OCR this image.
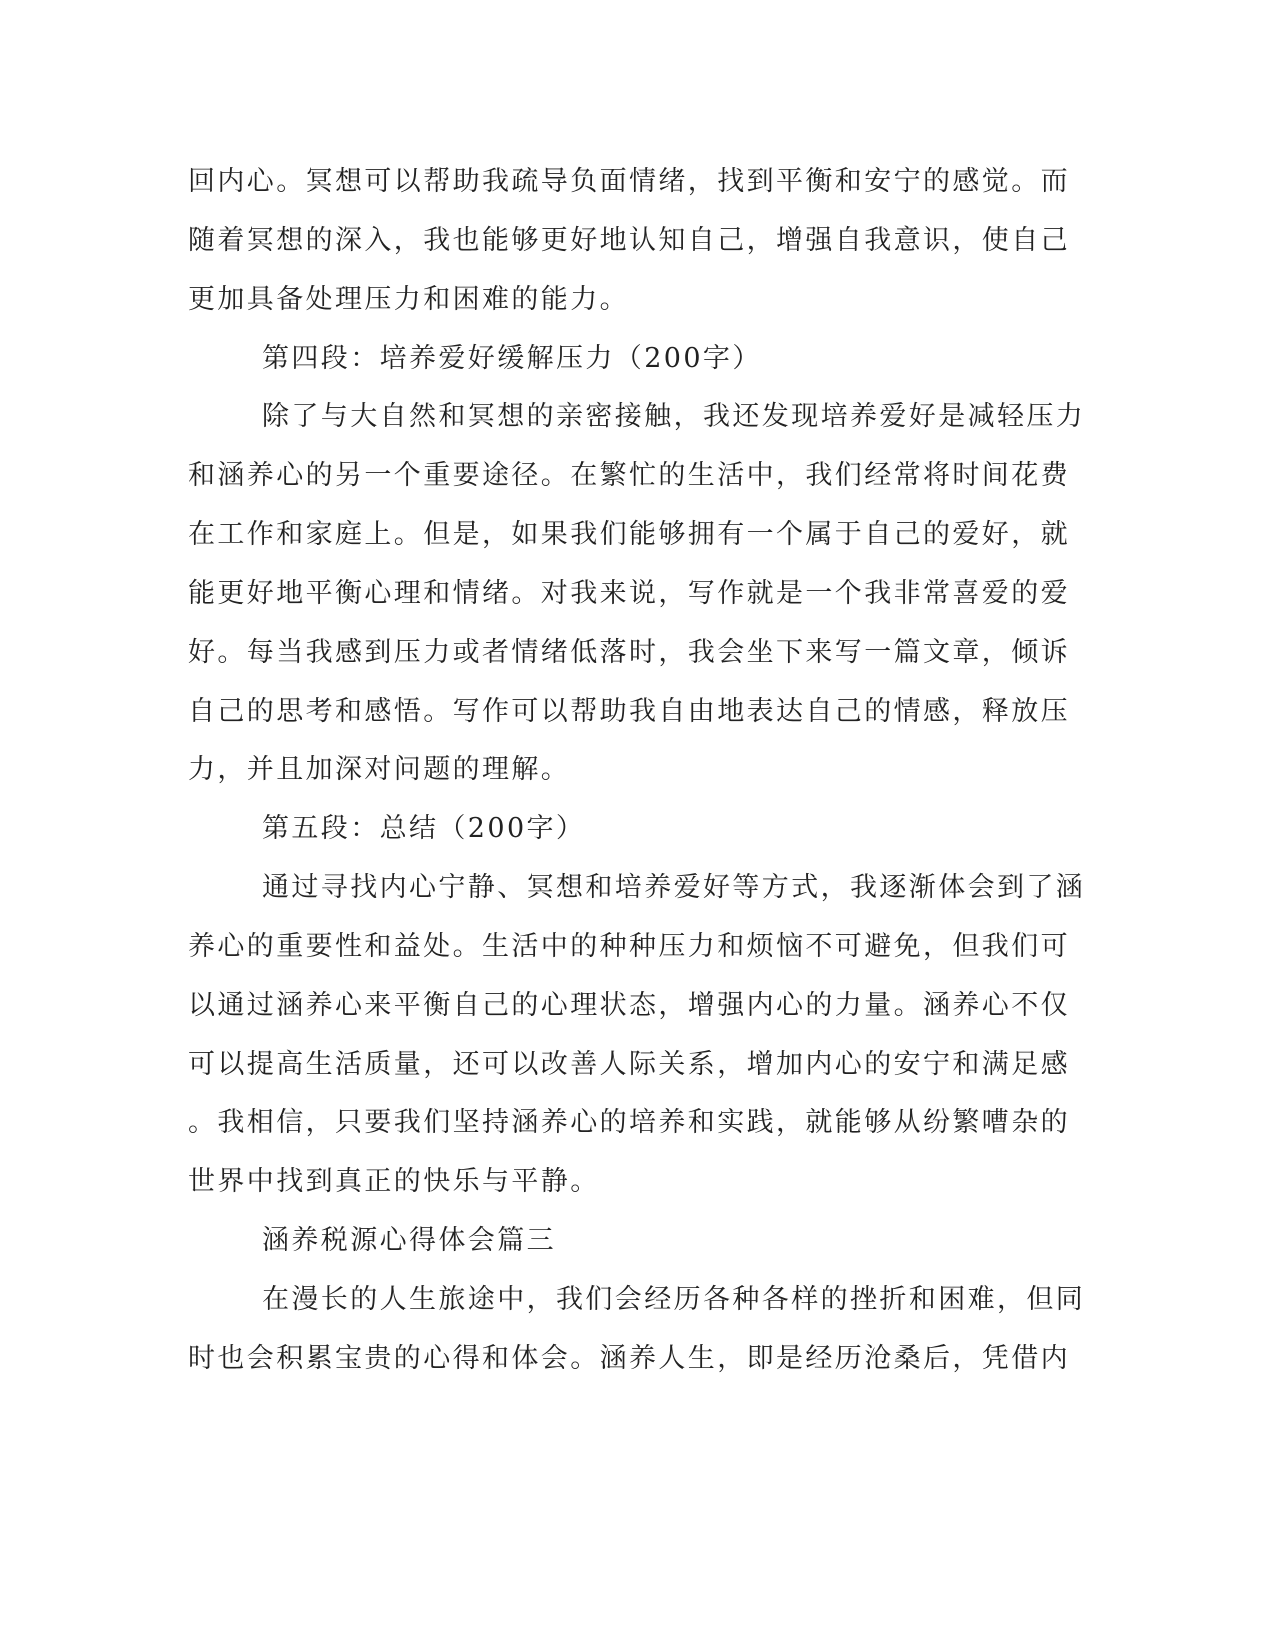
回内心。冥想可以帮助我疏导负面情绪，找到平衡和安宁的感觉。而

随着冥想的深入，我也能够更好地认知自己，增强自我意识，使自己

更加具备处理压力和困难的能力。

第四段：培养爱好缓解压力（200字）

除了与大自然和冥想的亲密接触，我还发现培养爱好是减轻压力

和涵养心的另一个重要途径。在繁忙的生活中，我们经常将时间花费

在工作和家庭上。但是，如果我们能够拥有一个属于自己的爱好，就

能更好地平衡心理和情绪。对我来说，写作就是一个我非常喜爱的爱

好。每当我感到压力或者情绪低落时，我会坐下来写一篇文章，倾诉

自己的思考和感悟。写作可以帮助我自由地表达自己的情感，释放压

力，并且加深对问题的理解。

第五段：总结（200字）

通过寻找内心宁静、冥想和培养爱好等方式，我逐渐体会到了涵

养心的重要性和益处。生活中的种种压力和烦恼不可避免，但我们可

以通过涵养心来平衡自己的心理状态，增强内心的力量。涵养心不仅

可以提高生活质量，还可以改善人际关系，增加内心的安宁和满足感

。我相信，只要我们坚持涵养心的培养和实践，就能够从纷繁嘈杂的

世界中找到真正的快乐与平静。

涵养税源心得体会篇三

在漫长的人生旅途中，我们会经历各种各样的挫折和困难，但同

时也会积累宝贵的心得和体会。涵养人生，即是经历沧桑后，凭借内
